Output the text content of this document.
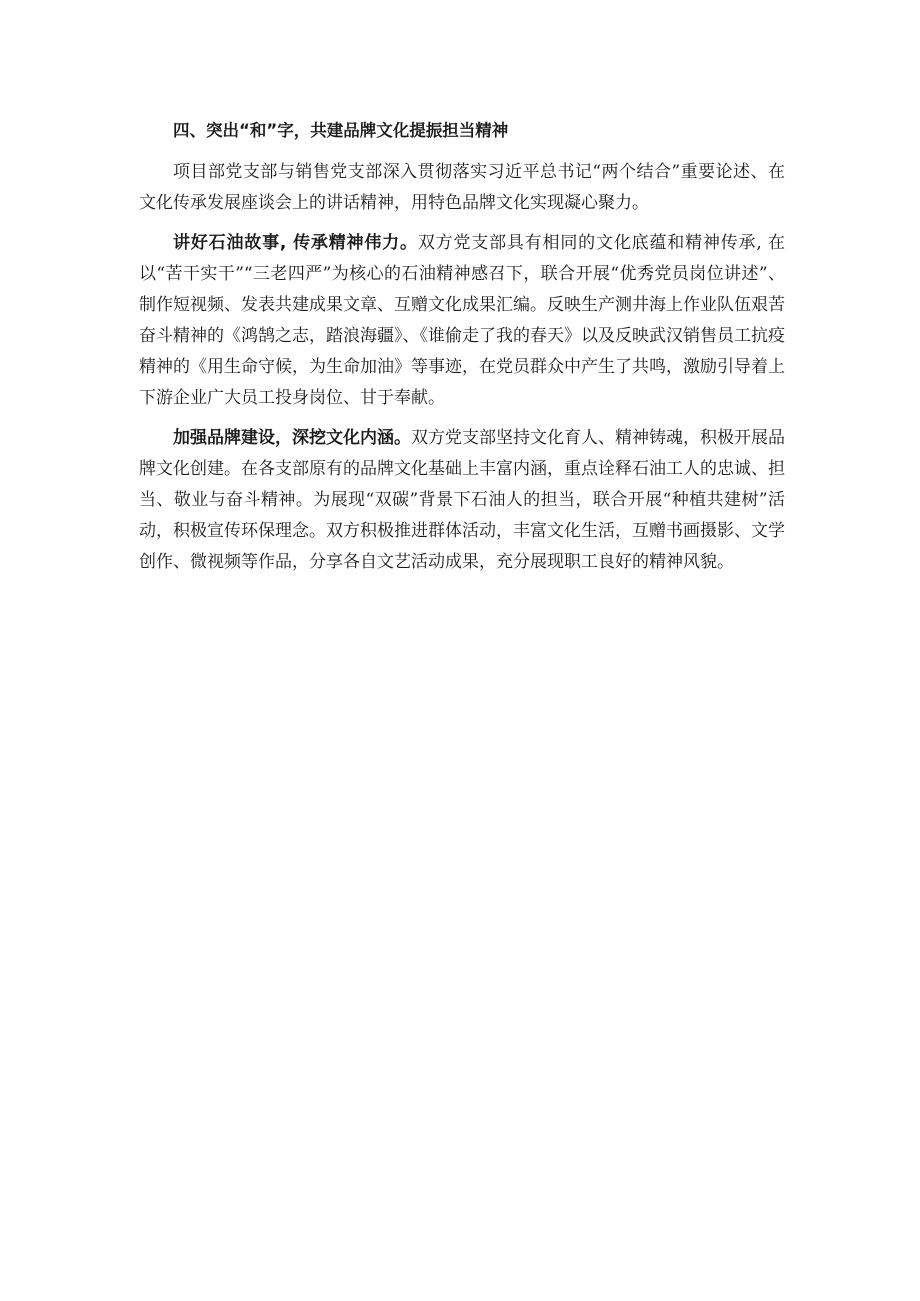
四、突出“和”字，共建品牌文化提振担当精神

项目部党支部与销售党支部深入贯彻落实习近平总书记“两个结合”重要论述、在文化传承发展座谈会上的讲话精神，用特色品牌文化实现凝心聚力。

讲好石油故事, 传承精神伟力。双方党支部具有相同的文化底蕴和精神传承, 在以“苦干实干”“三老四严”为核心的石油精神感召下，联合开展“优秀党员岗位讲述”、制作短视频、发表共建成果文章、互赠文化成果汇编。反映生产测井海上作业队伍艰苦奋斗精神的《鸿鹄之志，踏浪海疆》、《谁偷走了我的春天》以及反映武汉销售员工抗疫精神的《用生命守候，为生命加油》等事迹，在党员群众中产生了共鸣，激励引导着上下游企业广大员工投身岗位、甘于奉献。

加强品牌建设，深挖文化内涵。双方党支部坚持文化育人、精神铸魂，积极开展品牌文化创建。在各支部原有的品牌文化基础上丰富内涵，重点诠释石油工人的忠诚、担当、敬业与奋斗精神。为展现“双碳”背景下石油人的担当，联合开展“种植共建树”活动，积极宣传环保理念。双方积极推进群体活动，丰富文化生活，互赠书画摄影、文学创作、微视频等作品，分享各自文艺活动成果，充分展现职工良好的精神风貌。
